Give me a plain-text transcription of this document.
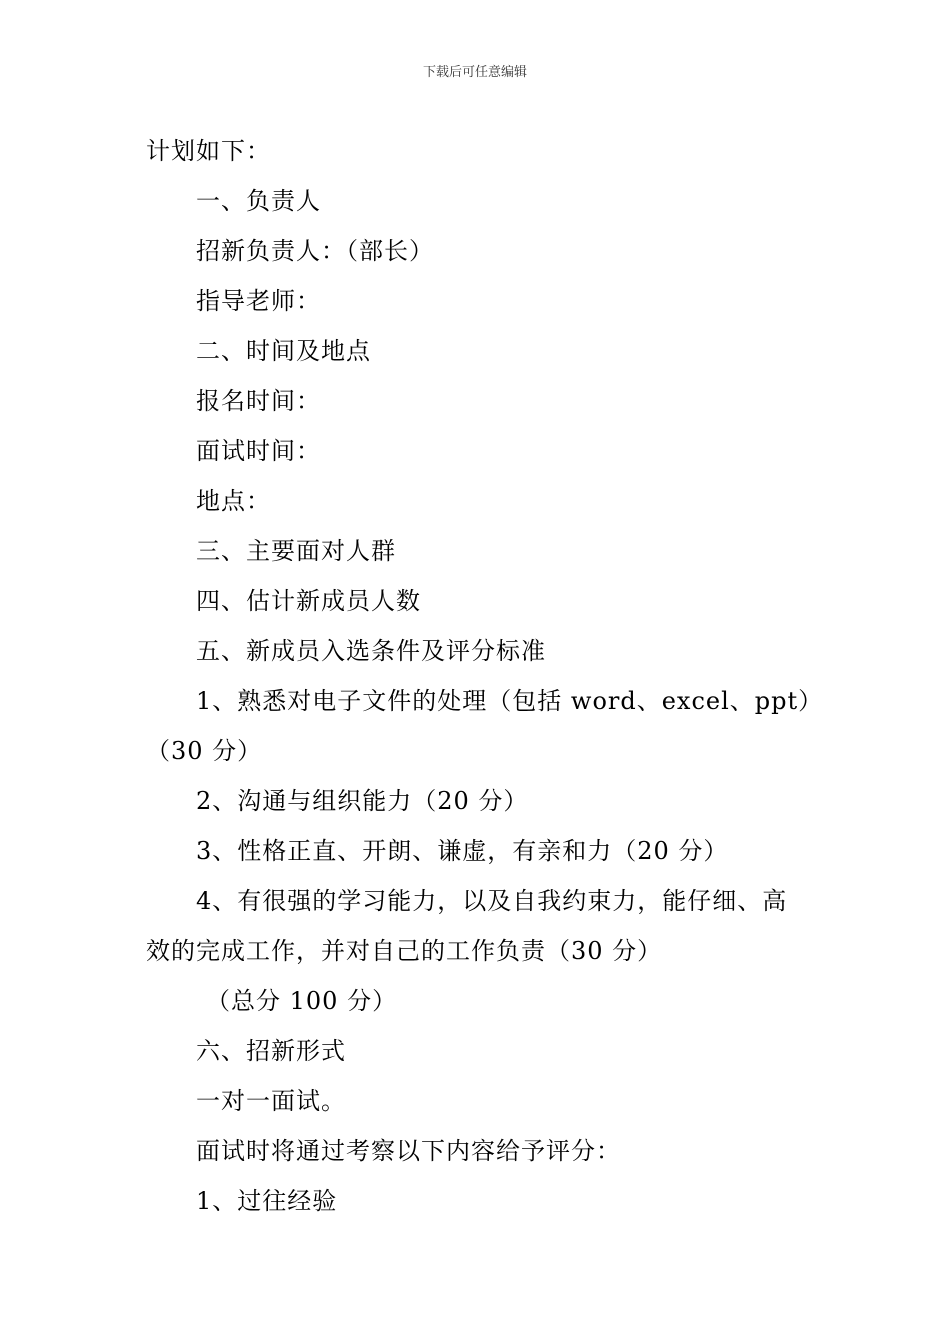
下载后可任意编辑

计划如下：

一、负责人

招新负责人：（部长）

指导老师：

二、时间及地点

报名时间：

面试时间：

地点：

三、主要面对人群

四、估计新成员人数

五、新成员入选条件及评分标准

1、熟悉对电子文件的处理（包括 word、excel、ppt）

（30 分）

2、沟通与组织能力（20 分）

3、性格正直、开朗、谦虚，有亲和力（20 分）

4、有很强的学习能力，以及自我约束力，能仔细、高

效的完成工作，并对自己的工作负责（30 分）

（总分 100 分）

六、招新形式

一对一面试。

面试时将通过考察以下内容给予评分：

1、过往经验
